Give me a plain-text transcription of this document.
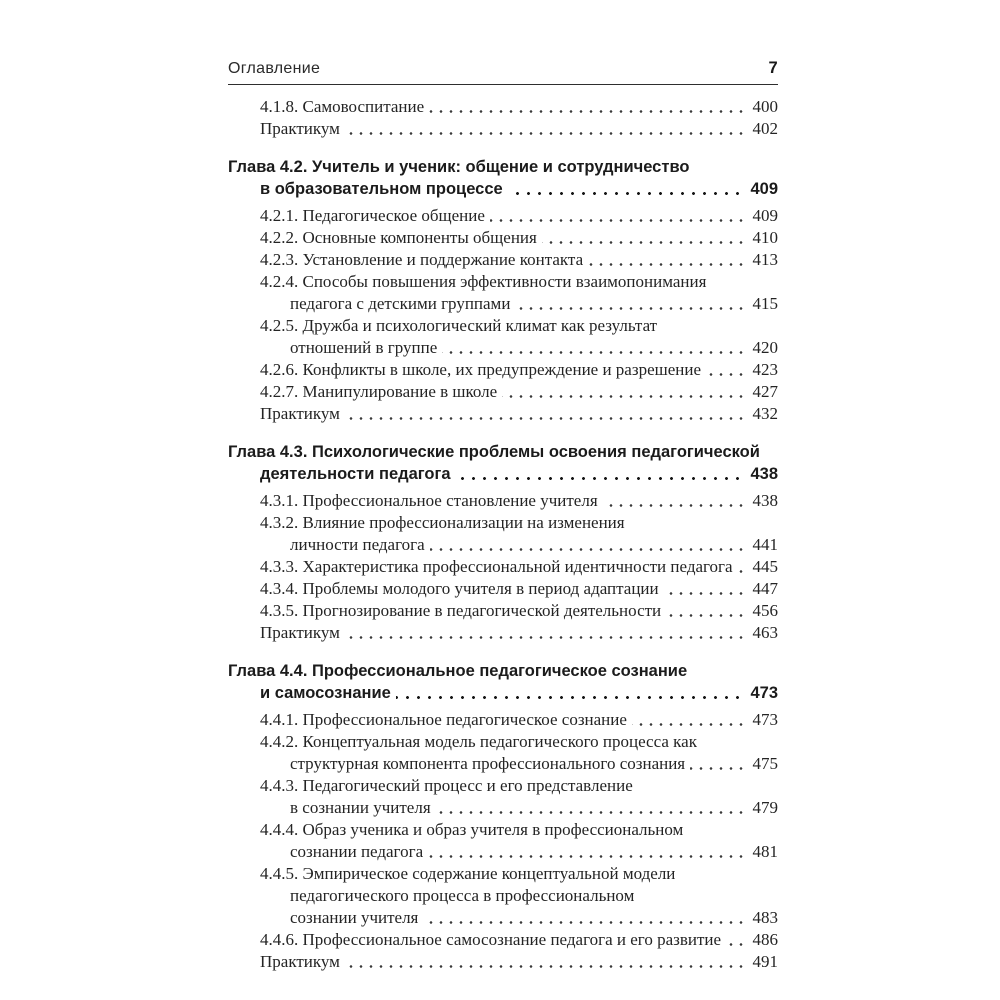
Оглавление	7
4.1.8. Самовоспитание	400
Практикум	402
Глава 4.2. Учитель и ученик: общение и сотрудничество
в образовательном процессе	409
4.2.1. Педагогическое общение	409
4.2.2. Основные компоненты общения	410
4.2.3. Установление и поддержание контакта	413
4.2.4. Способы повышения эффективности взаимопонимания
педагога с детскими группами	415
4.2.5. Дружба и психологический климат как результат
отношений в группе	420
4.2.6. Конфликты в школе, их предупреждение и разрешение	423
4.2.7. Манипулирование в школе	427
Практикум	432
Глава 4.3. Психологические проблемы освоения педагогической
деятельности педагога	438
4.3.1. Профессиональное становление учителя	438
4.3.2. Влияние профессионализации на изменения
личности педагога	441
4.3.3. Характеристика профессиональной идентичности педагога	445
4.3.4. Проблемы молодого учителя в период адаптации	447
4.3.5. Прогнозирование в педагогической деятельности	456
Практикум	463
Глава 4.4. Профессиональное педагогическое сознание
и самосознание	473
4.4.1. Профессиональное педагогическое сознание	473
4.4.2. Концептуальная модель педагогического процесса как
структурная компонента профессионального сознания	475
4.4.3. Педагогический процесс и его представление
в сознании учителя	479
4.4.4. Образ ученика и образ учителя в профессиональном
сознании педагога	481
4.4.5. Эмпирическое содержание концептуальной модели
педагогического процесса в профессиональном
сознании учителя	483
4.4.6. Профессиональное самосознание педагога и его развитие	486
Практикум	491
